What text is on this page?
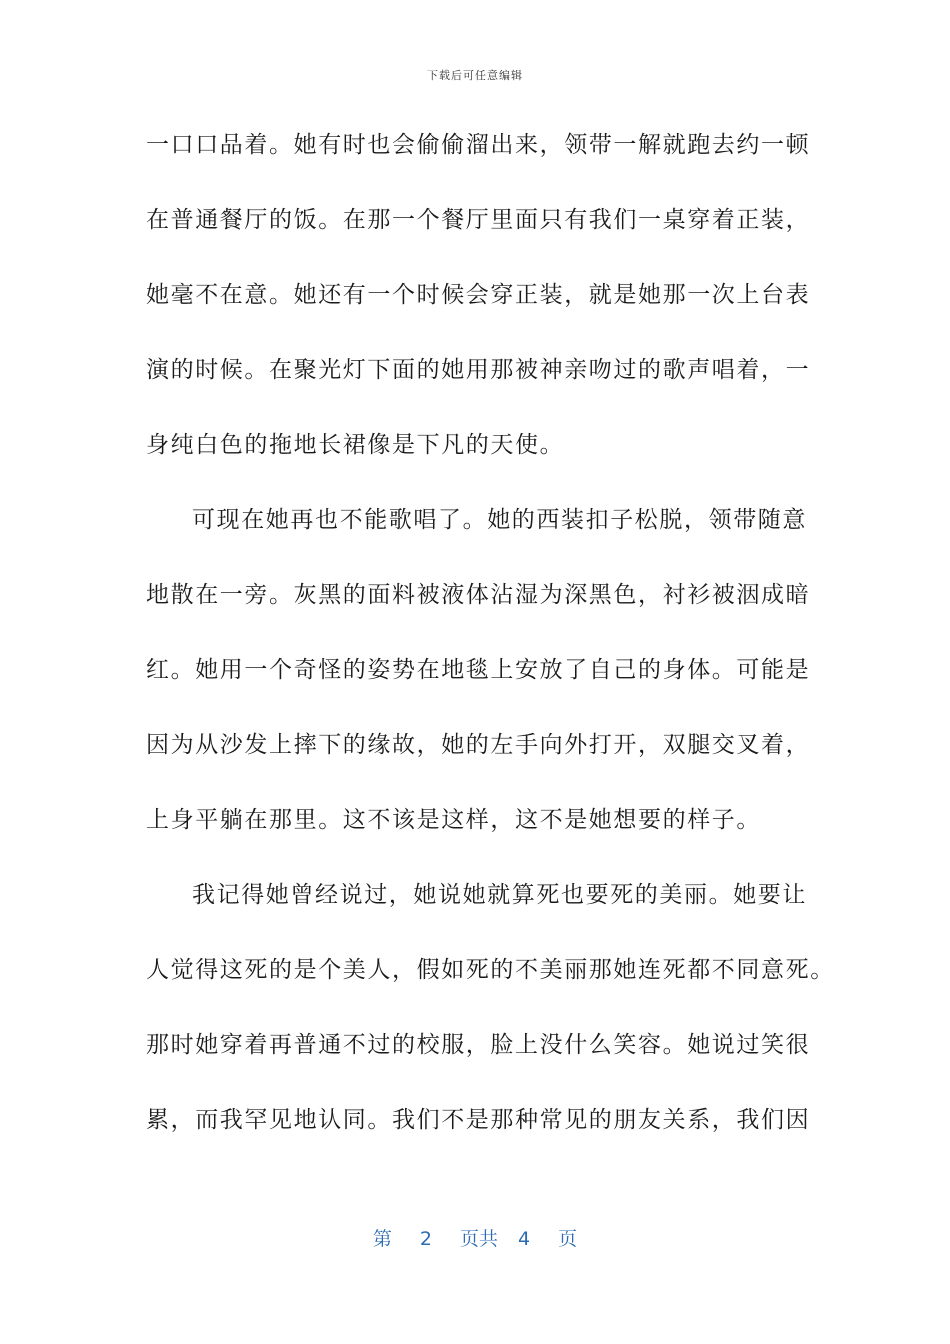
下载后可任意编辑
一口口品着。她有时也会偷偷溜出来，领带一解就跑去约一顿
在普通餐厅的饭。在那一个餐厅里面只有我们一桌穿着正装，
她毫不在意。她还有一个时候会穿正装，就是她那一次上台表
演的时候。在聚光灯下面的她用那被神亲吻过的歌声唱着，一
身纯白色的拖地长裙像是下凡的天使。
可现在她再也不能歌唱了。她的西装扣子松脱，领带随意
地散在一旁。灰黑的面料被液体沾湿为深黑色，衬衫被洇成暗
红。她用一个奇怪的姿势在地毯上安放了自己的身体。可能是
因为从沙发上摔下的缘故，她的左手向外打开，双腿交叉着，
上身平躺在那里。这不该是这样，这不是她想要的样子。
我记得她曾经说过，她说她就算死也要死的美丽。她要让
人觉得这死的是个美人，假如死的不美丽那她连死都不同意死。
那时她穿着再普通不过的校服，脸上没什么笑容。她说过笑很
累，而我罕见地认同。我们不是那种常见的朋友关系，我们因
第 2 页共 4 页
